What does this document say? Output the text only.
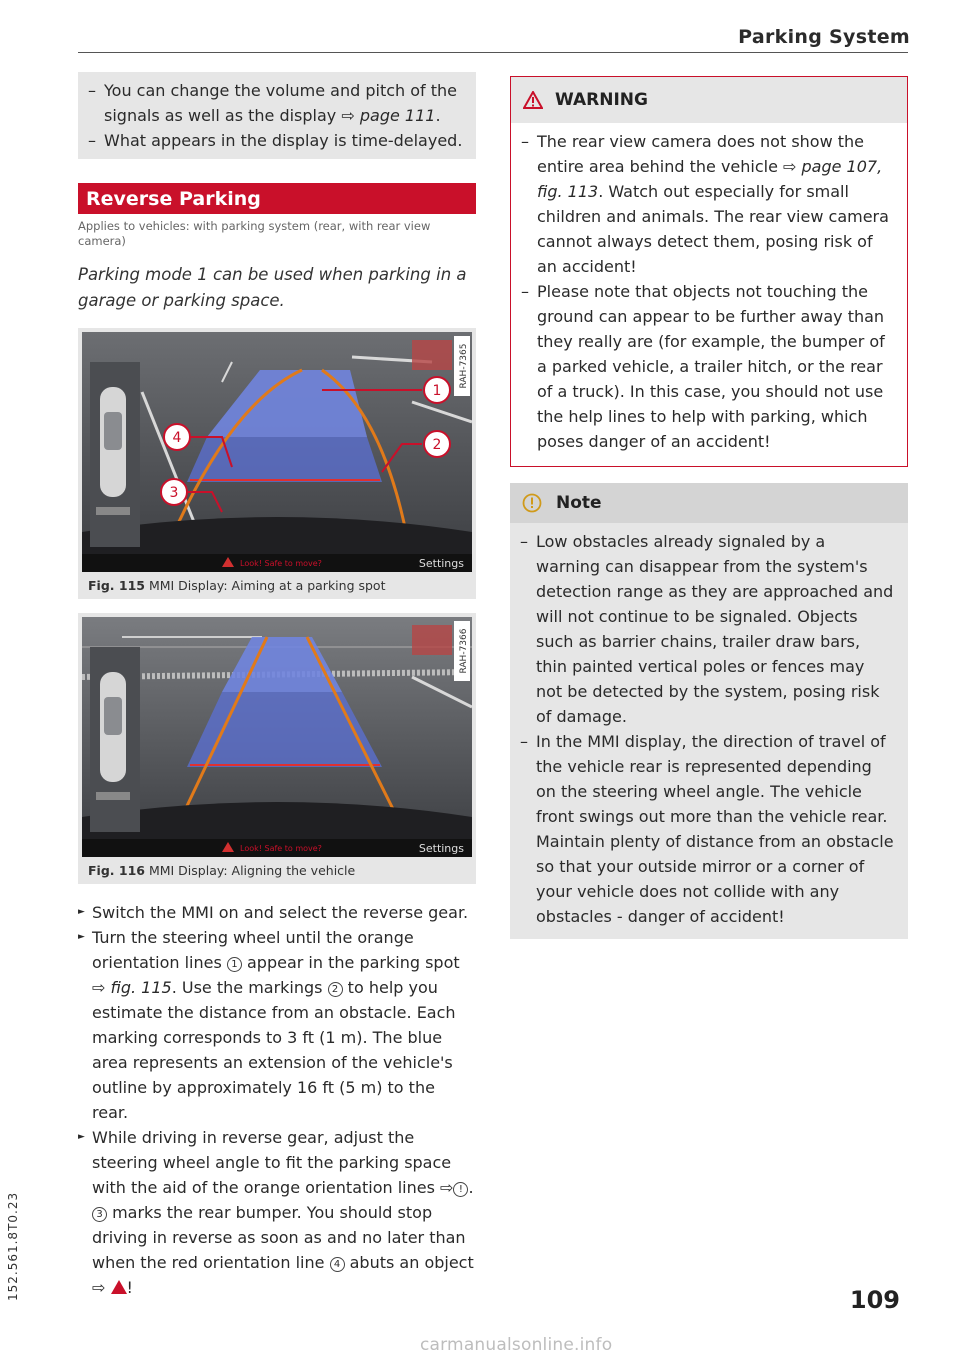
Parking System
– You can change the volume and pitch of the signals as well as the display ⇨ page 111.
– What appears in the display is time-delayed.
Reverse Parking
Applies to vehicles: with parking system (rear, with rear view camera)
Parking mode 1 can be used when parking in a garage or parking space.
RAH-7365
Look! Safe to move?	Settings
1
2
3
4
Fig. 115 MMI Display: Aiming at a parking spot
RAH-7366
Look! Safe to move?	Settings
Fig. 116 MMI Display: Aligning the vehicle
► Switch the MMI on and select the reverse gear.
► Turn the steering wheel until the orange orientation lines 1 appear in the parking spot ⇨ fig. 115. Use the markings 2 to help you estimate the distance from an obstacle. Each marking corresponds to 3 ft (1 m). The blue area represents an extension of the vehicle's outline by approximately 16 ft (5 m) to the rear.
► While driving in reverse gear, adjust the steering wheel angle to fit the parking space with the aid of the orange orientation lines ⇨ ! . 3 marks the rear bumper. You should stop driving in reverse as soon as and no later than when the red orientation line 4 abuts an object ⇨ !
WARNING
– The rear view camera does not show the entire area behind the vehicle ⇨ page 107, fig. 113. Watch out especially for small children and animals. The rear view camera cannot always detect them, posing risk of an accident!
– Please note that objects not touching the ground can appear to be further away than they really are (for example, the bumper of a parked vehicle, a trailer hitch, or the rear of a truck). In this case, you should not use the help lines to help with parking, which poses danger of an accident!
Note
– Low obstacles already signaled by a warning can disappear from the system's detection range as they are approached and will not continue to be signaled. Objects such as barrier chains, trailer draw bars, thin painted vertical poles or fences may not be detected by the system, posing risk of damage.
– In the MMI display, the direction of travel of the vehicle rear is represented depending on the steering wheel angle. The vehicle front swings out more than the vehicle rear. Maintain plenty of distance from an obstacle so that your outside mirror or a corner of your vehicle does not collide with any obstacles - danger of accident!
109
152.561.8T0.23
carmanualsonline.info
